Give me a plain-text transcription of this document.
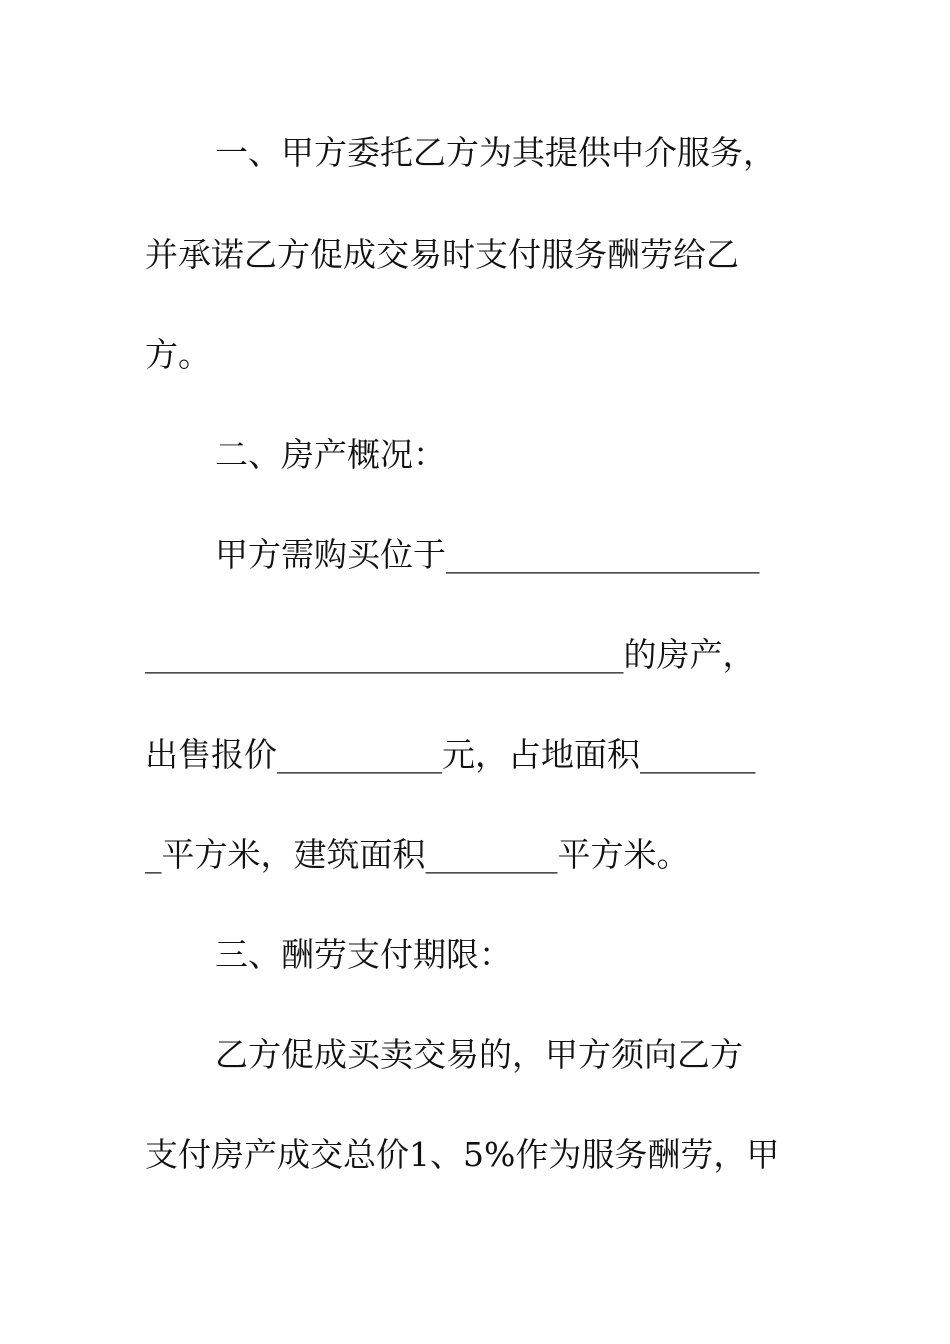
一、甲方委托乙方为其提供中介服务，
并承诺乙方促成交易时支付服务酬劳给乙
方。
二、房产概况：
甲方需购买位于___________________
_____________________________的房产，
出售报价__________元，占地面积_______
_平方米，建筑面积________平方米。
三、酬劳支付期限：
乙方促成买卖交易的，甲方须向乙方
支付房产成交总价1、5%作为服务酬劳，甲
